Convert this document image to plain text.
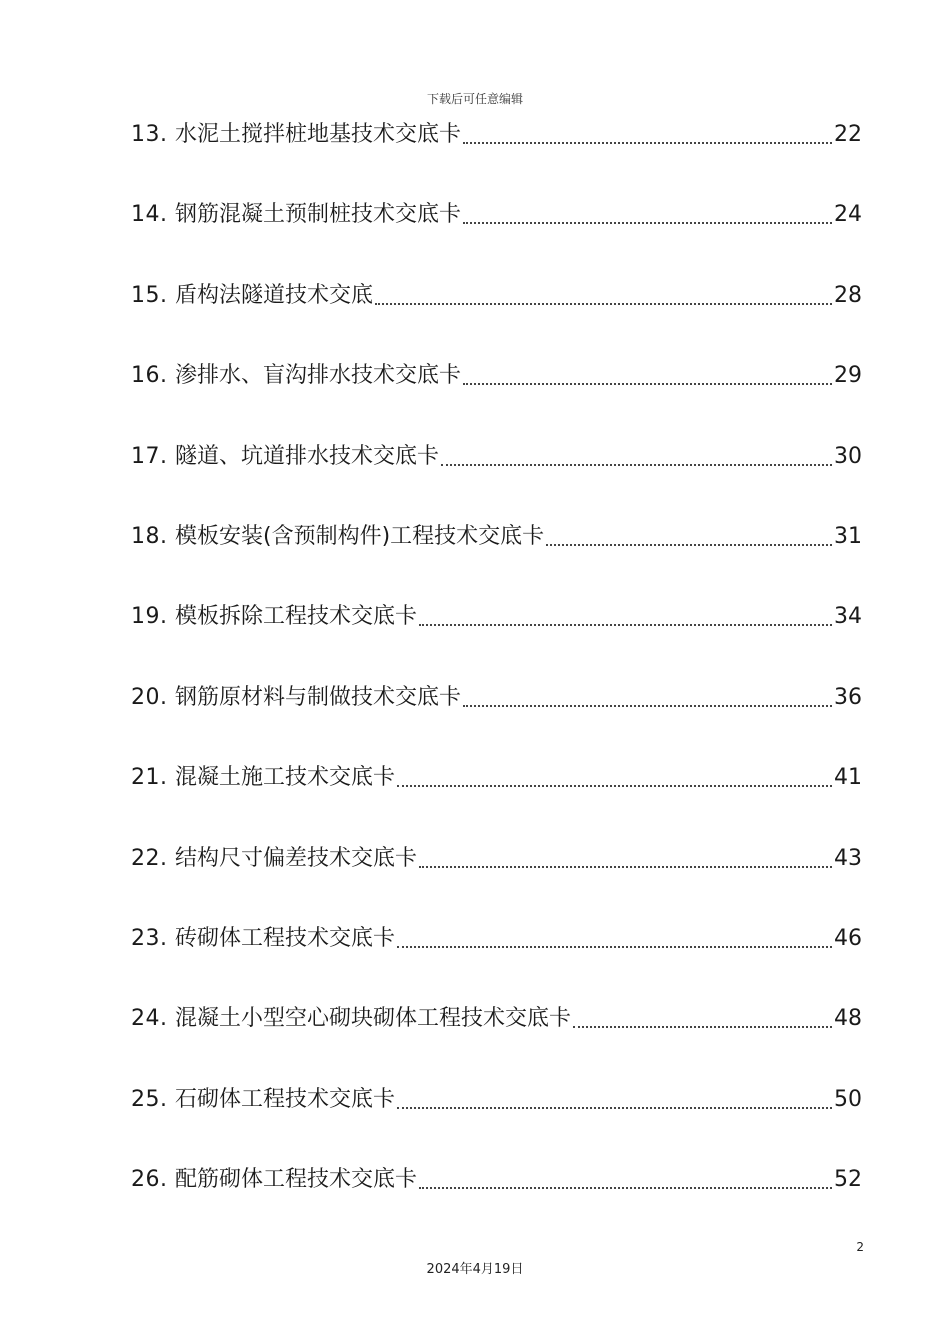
下载后可任意编辑
13 . 水泥土搅拌桩地基技术交底卡	22
14 . 钢筋混凝土预制桩技术交底卡	24
15 . 盾构法隧道技术交底	28
16 . 渗排水、盲沟排水技术交底卡	29
17 . 隧道、坑道排水技术交底卡	30
18 . 模板安装(含预制构件)工程技术交底卡	31
19 . 模板拆除工程技术交底卡	34
20 . 钢筋原材料与制做技术交底卡	36
21 . 混凝土施工技术交底卡	41
22 . 结构尺寸偏差技术交底卡	43
23 . 砖砌体工程技术交底卡	46
24 . 混凝土小型空心砌块砌体工程技术交底卡	48
25 . 石砌体工程技术交底卡	50
26 . 配筋砌体工程技术交底卡	52
2
2024年4月19日
